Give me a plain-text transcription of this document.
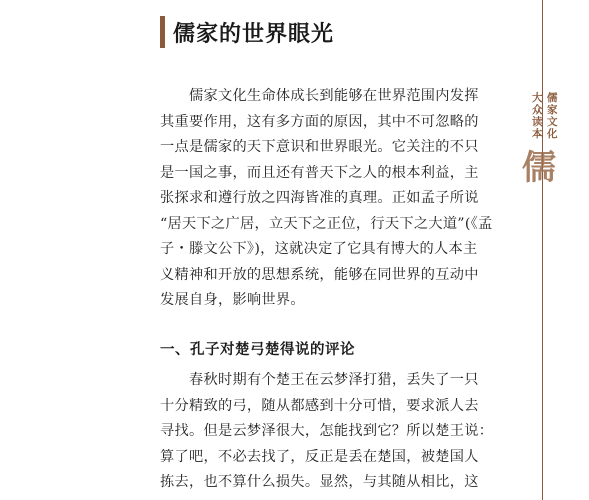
儒家的世界眼光
儒家文化生命体成长到能够在世界范围内发挥
其重要作用，这有多方面的原因，其中不可忽略的
一点是儒家的天下意识和世界眼光。它关注的不只
是一国之事，而且还有普天下之人的根本利益，主
张探求和遵行放之四海皆准的真理。正如孟子所说
“居天下之广居，立天下之正位，行天下之大道”(《孟
子・滕文公下》)，这就决定了它具有博大的人本主
义精神和开放的思想系统，能够在同世界的互动中
发展自身，影响世界。
一、孔子对楚弓楚得说的评论
春秋时期有个楚王在云梦泽打猎，丢失了一只
十分精致的弓，随从都感到十分可惜，要求派人去
寻找。但是云梦泽很大，怎能找到它？所以楚王说：
算了吧，不必去找了，反正是丢在楚国，被楚国人
拣去，也不算什么损失。显然，与其随从相比，这
儒
家
文
化
大
众
读
本
儒
